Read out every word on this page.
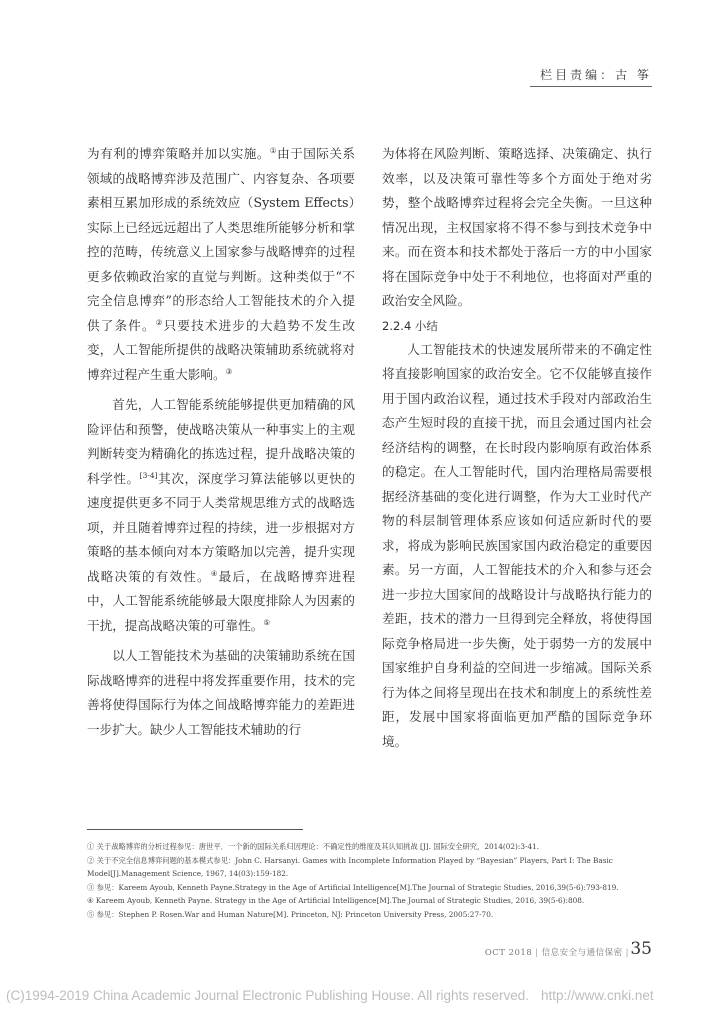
栏目责编：古 筝

为有利的博弈策略并加以实施。①由于国际关系领域的战略博弈涉及范围广、内容复杂、各项要素相互累加形成的系统效应（System Effects）实际上已经远远超出了人类思维所能够分析和掌控的范畴，传统意义上国家参与战略博弈的过程更多依赖政治家的直觉与判断。这种类似于“不完全信息博弈”的形态给人工智能技术的介入提供了条件。②只要技术进步的大趋势不发生改变，人工智能所提供的战略决策辅助系统就将对博弈过程产生重大影响。③

首先，人工智能系统能够提供更加精确的风险评估和预警，使战略决策从一种事实上的主观判断转变为精确化的拣选过程，提升战略决策的科学性。[3-4]其次，深度学习算法能够以更快的速度提供更多不同于人类常规思维方式的战略选项，并且随着博弈过程的持续，进一步根据对方策略的基本倾向对本方策略加以完善，提升实现战略决策的有效性。④最后，在战略博弈进程中，人工智能系统能够最大限度排除人为因素的干扰，提高战略决策的可靠性。⑤

以人工智能技术为基础的决策辅助系统在国际战略博弈的进程中将发挥重要作用，技术的完善将使得国际行为体之间战略博弈能力的差距进一步扩大。缺少人工智能技术辅助的行

为体将在风险判断、策略选择、决策确定、执行效率，以及决策可靠性等多个方面处于绝对劣势，整个战略博弈过程将会完全失衡。一旦这种情况出现，主权国家将不得不参与到技术竞争中来。而在资本和技术都处于落后一方的中小国家将在国际竞争中处于不利地位，也将面对严重的政治安全风险。

2.2.4 小结

人工智能技术的快速发展所带来的不确定性将直接影响国家的政治安全。它不仅能够直接作用于国内政治议程，通过技术手段对内部政治生态产生短时段的直接干扰，而且会通过国内社会经济结构的调整，在长时段内影响原有政治体系的稳定。在人工智能时代，国内治理格局需要根据经济基础的变化进行调整，作为大工业时代产物的科层制管理体系应该如何适应新时代的要求，将成为影响民族国家国内政治稳定的重要因素。另一方面，人工智能技术的介入和参与还会进一步拉大国家间的战略设计与战略执行能力的差距，技术的潜力一旦得到完全释放，将使得国际竞争格局进一步失衡，处于弱势一方的发展中国家维护自身利益的空间进一步缩减。国际关系行为体之间将呈现出在技术和制度上的系统性差距，发展中国家将面临更加严酷的国际竞争环境。

① 关于战略博弈的分析过程参见：唐世平．一个新的国际关系归因理论：不确定性的维度及其认知挑战 [J]. 国际安全研究，2014(02):3-41.

② 关于不完全信息博弈问题的基本模式参见：John C. Harsanyi. Games with Incomplete Information Played by “Bayesian” Players, Part I: The Basic Model[J].Management Science, 1967, 14(03):159-182.

③ 参见：Kareem Ayoub, Kenneth Payne.Strategy in the Age of Artificial Intelligence[M].The Journal of Strategic Studies, 2016,39(5-6):793-819.

④ Kareem Ayoub, Kenneth Payne. Strategy in the Age of Artificial Intelligence[M].The Journal of Strategic Studies, 2016, 39(5-6):808.

⑤ 参见：Stephen P. Rosen.War and Human Nature[M]. Princeton, NJ: Princeton University Press, 2005:27-70.

OCT 2018 | 信息安全与通信保密 | 35
(C)1994-2019 China Academic Journal Electronic Publishing House. All rights reserved. http://www.cnki.net
